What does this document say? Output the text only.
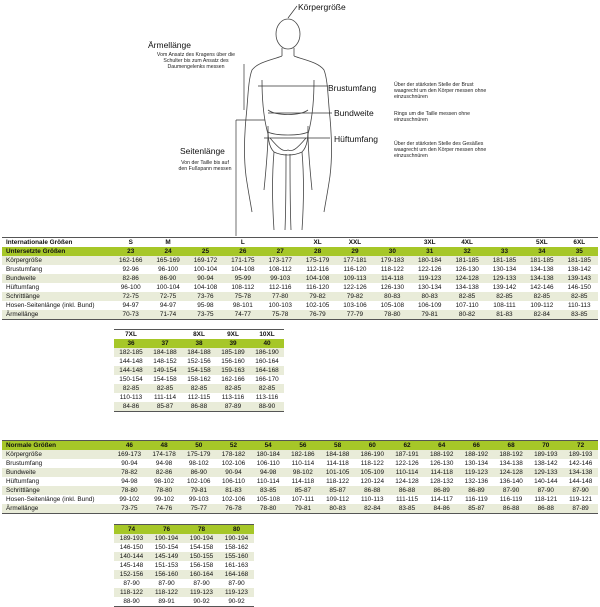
Körpergröße
Ärmellänge
Vom Ansatz des Kragens über die
Schulter bis zum Ansatz des
Daumengelenks messen
Brustumfang	Über der stärksten Stelle der Brust
waagrecht um den Körper messen ohne
einzuschnüren
Bundweite	Rings um die Taille messen ohne
einzuschnüren
Hüftumfang	Über der stärksten Stelle des Gesäßes
waagrecht um den Körper messen ohne
einzuschnüren
Seitenlänge
Von der Taille bis auf
den Fußspann messen
Internationale Größen	S	M		L		XL	XXL		3XL	4XL		5XL	6XL
Untersetzte Größen	23	24	25	26	27	28	29	30	31	32	33	34	35
Körpergröße	162-166	165-169	169-172	171-175	173-177	175-179	177-181	179-183	180-184	181-185	181-185	181-185	181-185
Brustumfang	92-96	96-100	100-104	104-108	108-112	112-116	116-120	118-122	122-126	126-130	130-134	134-138	138-142
Bundweite	82-86	86-90	90-94	95-99	99-103	104-108	109-113	114-118	119-123	124-128	129-133	134-138	139-143
Hüftumfang	96-100	100-104	104-108	108-112	112-116	116-120	122-126	126-130	130-134	134-138	139-142	142-146	146-150
Schrittlänge	72-75	72-75	73-76	75-78	77-80	79-82	79-82	80-83	80-83	82-85	82-85	82-85	82-85
Hosen-Seitenlänge (inkl. Bund)	94-97	94-97	95-98	98-101	100-103	102-105	103-106	105-108	106-109	107-110	108-111	109-112	110-113
Ärmellänge	70-73	71-74	73-75	74-77	75-78	76-79	77-79	78-80	79-81	80-82	81-83	82-84	83-85
7XL		8XL	9XL	10XL
36	37	38	39	40
182-185	184-188	184-188	185-189	186-190
144-148	148-152	152-156	156-160	160-164
144-148	149-154	154-158	159-163	164-168
150-154	154-158	158-162	162-166	166-170
82-85	82-85	82-85	82-85	82-85
110-113	111-114	112-115	113-116	113-116
84-86	85-87	86-88	87-89	88-90
Normale Größen	46	48	50	52	54	56	58	60	62	64	66	68	70	72
Körpergröße	169-173	174-178	175-179	178-182	180-184	182-186	184-188	186-190	187-191	188-192	188-192	188-192	189-193	189-193
Brustumfang	90-94	94-98	98-102	102-106	106-110	110-114	114-118	118-122	122-126	126-130	130-134	134-138	138-142	142-146
Bundweite	78-82	82-86	86-90	90-94	94-98	98-102	101-105	105-109	110-114	114-118	119-123	124-128	129-133	134-138
Hüftumfang	94-98	98-102	102-106	106-110	110-114	114-118	118-122	120-124	124-128	128-132	132-136	136-140	140-144	144-148
Schrittlänge	78-80	78-80	79-81	81-83	83-85	85-87	85-87	86-88	86-88	86-89	86-89	87-90	87-90	87-90
Hosen-Seitenlänge (inkl. Bund)	99-102	99-102	99-103	102-106	105-108	107-111	109-112	110-113	111-115	114-117	116-119	116-119	118-121	119-121
Ärmellänge	73-75	74-76	75-77	76-78	78-80	79-81	80-83	82-84	83-85	84-86	85-87	86-88	86-88	87-89
74	76	78	80
189-193	190-194	190-194	190-194
146-150	150-154	154-158	158-162
140-144	145-149	150-155	155-160
145-148	151-153	156-158	161-163
152-156	156-160	160-164	164-168
87-90	87-90	87-90	87-90
118-122	118-122	119-123	119-123
88-90	89-91	90-92	90-92
